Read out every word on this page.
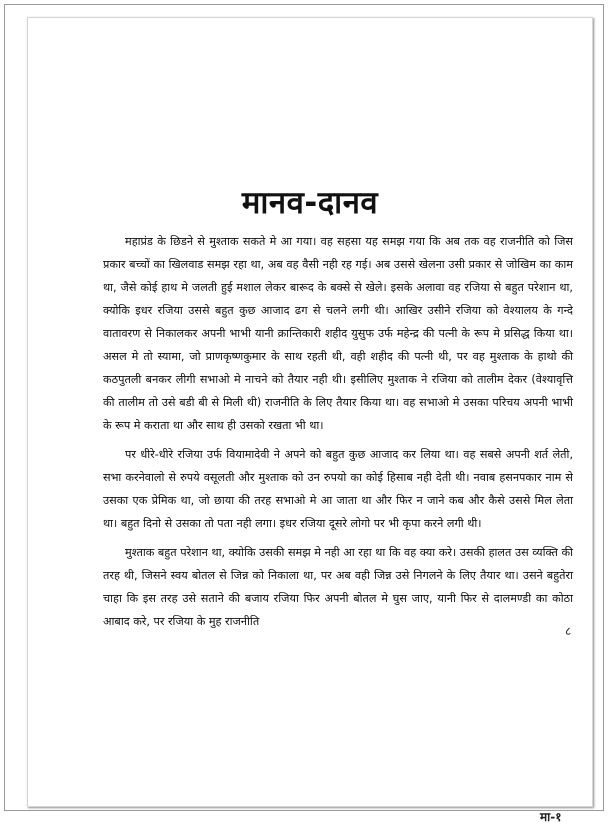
मानव-दानव

महाप्रंड के छिडने से मुश्ताक सकते मे आ गया। वह सहसा यह समझ गया कि अब तक वह राजनीति को जिस प्रकार बच्चों का खिलवाड समझ रहा था, अब वह वैसी नही रह गई। अब उससे खेलना उसी प्रकार से जोखिम का काम था, जैसे कोई हाथ मे जलती हुई मशाल लेकर बारूद के बक्से से खेले। इसके अलावा वह रजिया से बहुत परेशान था, क्योकि इधर रजिया उससे बहुत कुछ आजाद ढग से चलने लगी थी। आखिर उसीने रजिया को वेश्यालय के गन्दे वातावरण से निकालकर अपनी भाभी यानी क्रान्तिकारी शहीद युसुफ उर्फ महेन्द्र की पत्नी के रूप मे प्रसिद्ध किया था। असल मे तो स्यामा, जो प्राणकृष्णकुमार के साथ रहती थी, वही शहीद की पत्नी थी, पर वह मुश्ताक के हाथो की कठपुतली बनकर लीगी सभाओ मे नाचने को तैयार नही थी। इसीलिए मुश्ताक ने रजिया को तालीम देकर (वेश्यावृत्ति की तालीम तो उसे बडी बी से मिली थी) राजनीति के लिए तैयार किया था। वह सभाओ मे उसका परिचय अपनी भाभी के रूप मे कराता था और साथ ही उसको रखता भी था।

पर धीरे-धीरे रजिया उर्फ वियामादेवी ने अपने को बहुत कुछ आजाद कर लिया था। वह सबसे अपनी शर्त लेती, सभा करनेवालो से रुपये वसूलती और मुश्ताक को उन रुपयो का कोई हिसाब नही देती थी। नवाब हसनपकार नाम से उसका एक प्रेमिक था, जो छाया की तरह सभाओ मे आ जाता था और फिर न जाने कब और कैसे उससे मिल लेता था। बहुत दिनो से उसका तो पता नही लगा। इधर रजिया दूसरे लोगो पर भी कृपा करने लगी थी।

मुश्ताक बहुत परेशान था, क्योकि उसकी समझ मे नही आ रहा था कि वह क्या करे। उसकी हालत उस व्यक्ति की तरह थी, जिसने स्वय बोतल से जिन्न को निकाला था, पर अब वही जिन्न उसे निगलने के लिए तैयार था। उसने बहुतेरा चाहा कि इस तरह उसे सताने की बजाय रजिया फिर अपनी बोतल मे घुस जाए, यानी फिर से दालमण्डी का कोठा आबाद करे, पर रजिया के मुह राजनीति

८
मा-१
